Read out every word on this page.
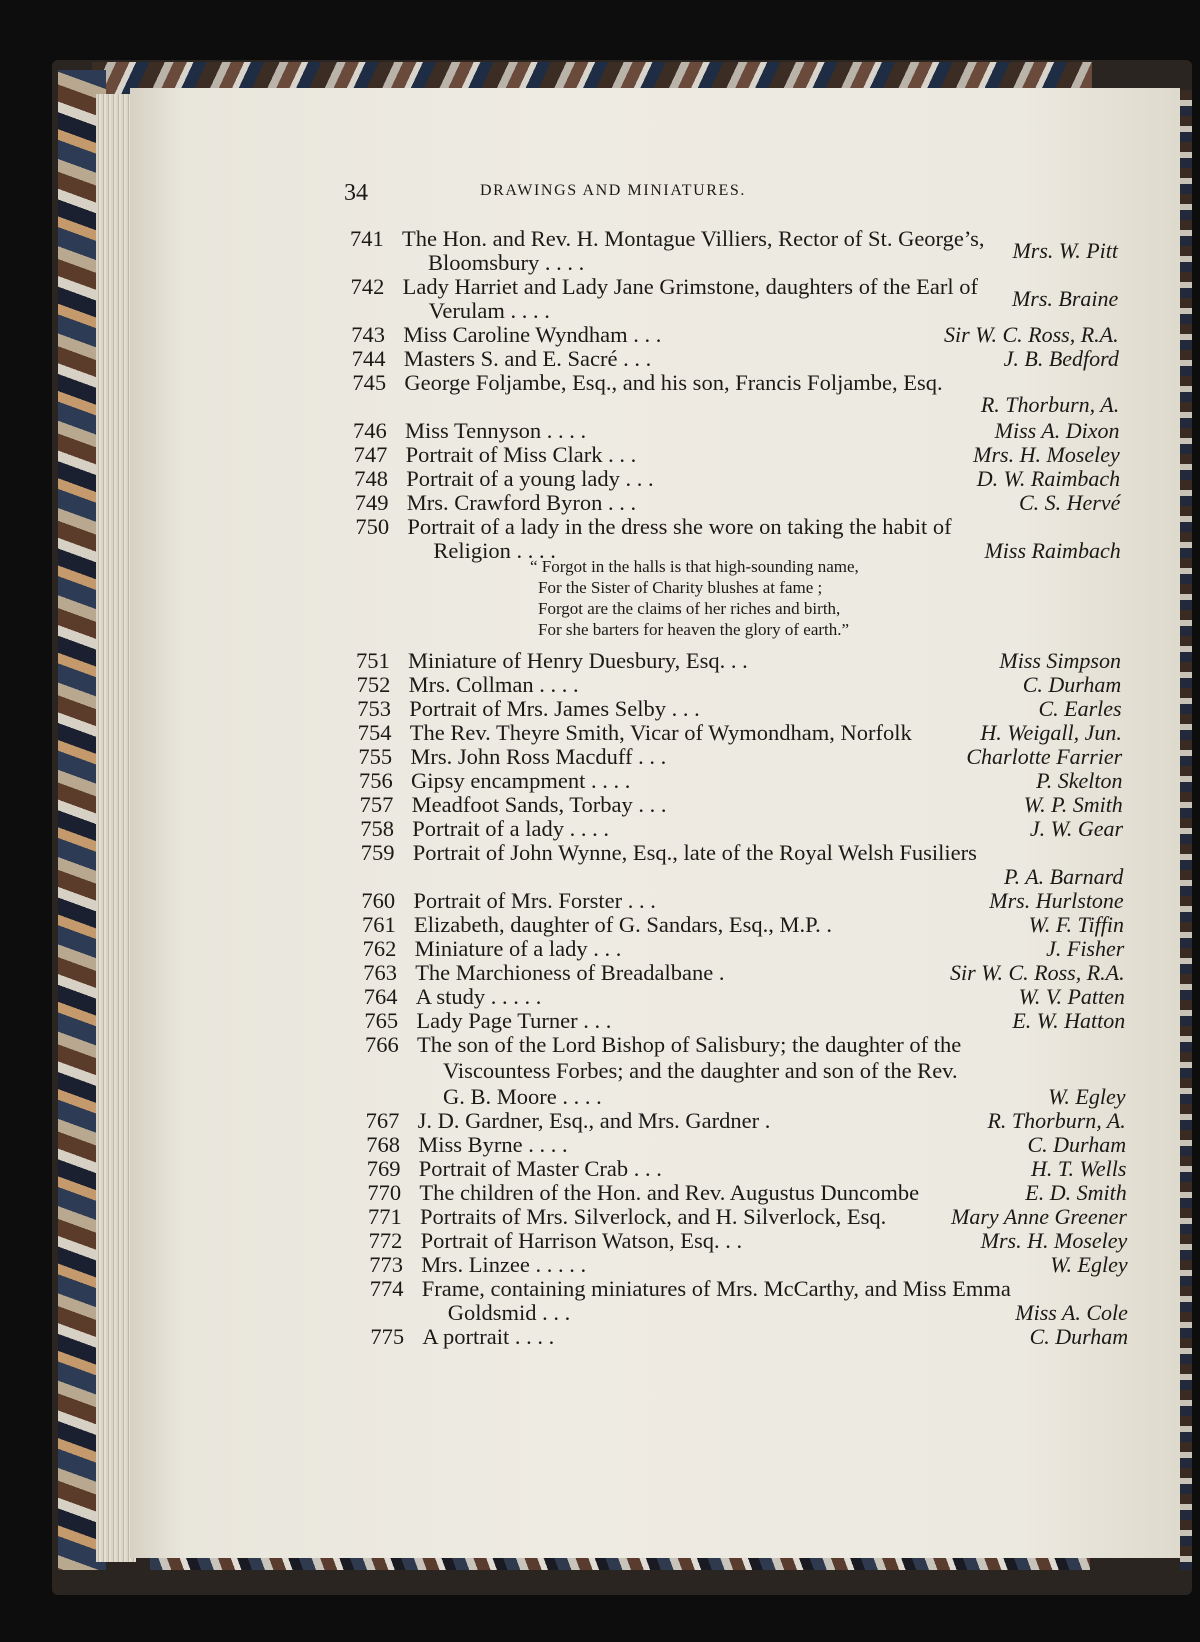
34	DRAWINGS AND MINIATURES.
741 The Hon. and Rev. H. Montague Villiers, Rector of St. George’s,
Bloomsbury . . . .	Mrs. W. Pitt
742 Lady Harriet and Lady Jane Grimstone, daughters of the Earl of
Verulam . . . .	Mrs. Braine
743 Miss Caroline Wyndham . . .	Sir W. C. Ross, R.A.
744 Masters S. and E. Sacré . . .	J. B. Bedford
745 George Foljambe, Esq., and his son, Francis Foljambe, Esq.
R. Thorburn, A.
746 Miss Tennyson . . . .	Miss A. Dixon
747 Portrait of Miss Clark . . .	Mrs. H. Moseley
748 Portrait of a young lady . . .	D. W. Raimbach
749 Mrs. Crawford Byron . . .	C. S. Hervé
750 Portrait of a lady in the dress she wore on taking the habit of
Religion . . . .	Miss Raimbach
751 Miniature of Henry Duesbury, Esq. . .	Miss Simpson
752 Mrs. Collman . . . .	C. Durham
753 Portrait of Mrs. James Selby . . .	C. Earles
754 The Rev. Theyre Smith, Vicar of Wymondham, Norfolk	H. Weigall, Jun.
755 Mrs. John Ross Macduff . . .	Charlotte Farrier
756 Gipsy encampment . . . .	P. Skelton
757 Meadfoot Sands, Torbay . . .	W. P. Smith
758 Portrait of a lady . . . .	J. W. Gear
759 Portrait of John Wynne, Esq., late of the Royal Welsh Fusiliers
P. A. Barnard
760 Portrait of Mrs. Forster . . .	Mrs. Hurlstone
761 Elizabeth, daughter of G. Sandars, Esq., M.P. .	W. F. Tiffin
762 Miniature of a lady . . .	J. Fisher
763 The Marchioness of Breadalbane .	Sir W. C. Ross, R.A.
764 A study . . . . .	W. V. Patten
765 Lady Page Turner . . .	E. W. Hatton
766 The son of the Lord Bishop of Salisbury; the daughter of the
Viscountess Forbes; and the daughter and son of the Rev.
G. B. Moore . . . .	W. Egley
767 J. D. Gardner, Esq., and Mrs. Gardner .	R. Thorburn, A.
768 Miss Byrne . . . .	C. Durham
769 Portrait of Master Crab . . .	H. T. Wells
770 The children of the Hon. and Rev. Augustus Duncombe	E. D. Smith
771 Portraits of Mrs. Silverlock, and H. Silverlock, Esq.	Mary Anne Greener
772 Portrait of Harrison Watson, Esq. . .	Mrs. H. Moseley
773 Mrs. Linzee . . . . .	W. Egley
774 Frame, containing miniatures of Mrs. McCarthy, and Miss Emma
Goldsmid . . .	Miss A. Cole
775 A portrait . . . .	C. Durham
“ Forgot in the halls is that high-sounding name,
For the Sister of Charity blushes at fame ;
Forgot are the claims of her riches and birth,
For she barters for heaven the glory of earth.”
